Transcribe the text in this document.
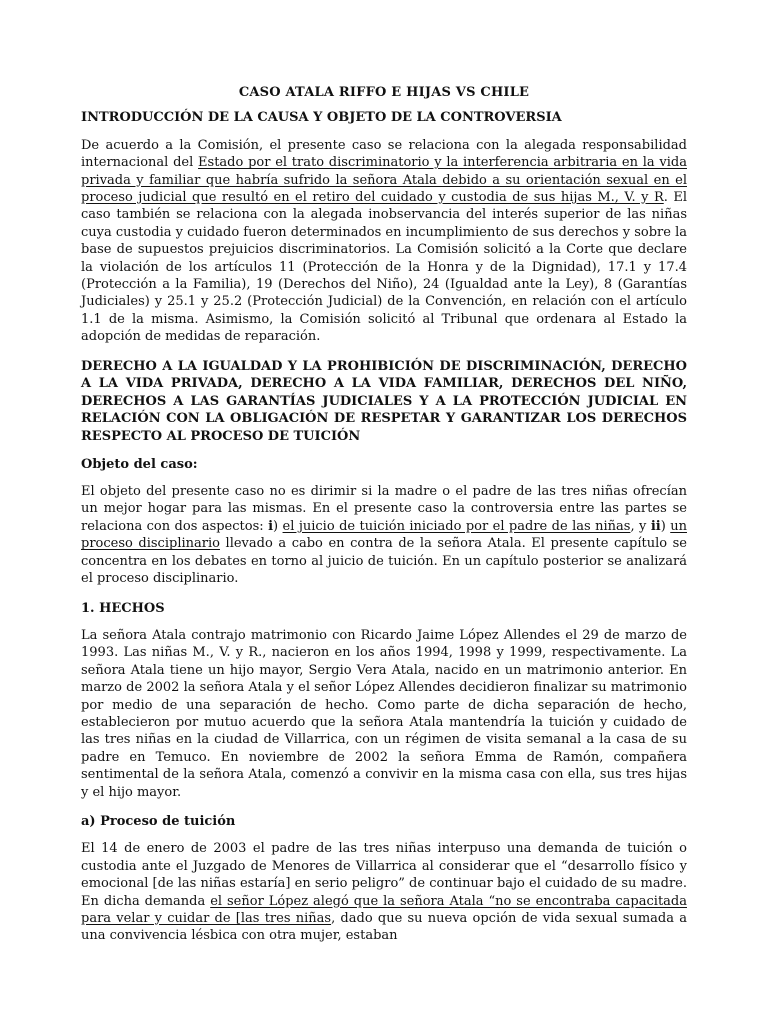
CASO ATALA RIFFO E HIJAS VS CHILE
INTRODUCCIÓN DE LA CAUSA Y OBJETO DE LA CONTROVERSIA

De acuerdo a la Comisión, el presente caso se relaciona con la alegada responsabilidad internacional del Estado por el trato discriminatorio y la interferencia arbitraria en la vida privada y familiar que habría sufrido la señora Atala debido a su orientación sexual en el proceso judicial que resultó en el retiro del cuidado y custodia de sus hijas M., V. y R. El caso también se relaciona con la alegada inobservancia del interés superior de las niñas cuya custodia y cuidado fueron determinados en incumplimiento de sus derechos y sobre la base de supuestos prejuicios discriminatorios. La Comisión solicitó a la Corte que declare la violación de los artículos 11 (Protección de la Honra y de la Dignidad), 17.1 y 17.4 (Protección a la Familia), 19 (Derechos del Niño), 24 (Igualdad ante la Ley), 8 (Garantías Judiciales) y 25.1 y 25.2 (Protección Judicial) de la Convención, en relación con el artículo 1.1 de la misma. Asimismo, la Comisión solicitó al Tribunal que ordenara al Estado la adopción de medidas de reparación.

DERECHO A LA IGUALDAD Y LA PROHIBICIÓN DE DISCRIMINACIÓN, DERECHO A LA VIDA PRIVADA, DERECHO A LA VIDA FAMILIAR, DERECHOS DEL NIÑO, DERECHOS A LAS GARANTÍAS JUDICIALES Y A LA PROTECCIÓN JUDICIAL EN RELACIÓN CON LA OBLIGACIÓN DE RESPETAR Y GARANTIZAR LOS DERECHOS RESPECTO AL PROCESO DE TUICIÓN
Objeto del caso:

El objeto del presente caso no es dirimir si la madre o el padre de las tres niñas ofrecían un mejor hogar para las mismas. En el presente caso la controversia entre las partes se relaciona con dos aspectos: i) el juicio de tuición iniciado por el padre de las niñas, y ii) un proceso disciplinario llevado a cabo en contra de la señora Atala. El presente capítulo se concentra en los debates en torno al juicio de tuición. En un capítulo posterior se analizará el proceso disciplinario.

1. HECHOS

La señora Atala contrajo matrimonio con Ricardo Jaime López Allendes el 29 de marzo de 1993. Las niñas M., V. y R., nacieron en los años 1994, 1998 y 1999, respectivamente. La señora Atala tiene un hijo mayor, Sergio Vera Atala, nacido en un matrimonio anterior. En marzo de 2002 la señora Atala y el señor López Allendes decidieron finalizar su matrimonio por medio de una separación de hecho. Como parte de dicha separación de hecho, establecieron por mutuo acuerdo que la señora Atala mantendría la tuición y cuidado de las tres niñas en la ciudad de Villarrica, con un régimen de visita semanal a la casa de su padre en Temuco. En noviembre de 2002 la señora Emma de Ramón, compañera sentimental de la señora Atala, comenzó a convivir en la misma casa con ella, sus tres hijas y el hijo mayor.

a) Proceso de tuición

El 14 de enero de 2003 el padre de las tres niñas interpuso una demanda de tuición o custodia ante el Juzgado de Menores de Villarrica al considerar que el “desarrollo físico y emocional [de las niñas estaría] en serio peligro” de continuar bajo el cuidado de su madre. En dicha demanda el señor López alegó que la señora Atala “no se encontraba capacitada para velar y cuidar de [las tres niñas, dado que su nueva opción de vida sexual sumada a una convivencia lésbica con otra mujer, estaban
